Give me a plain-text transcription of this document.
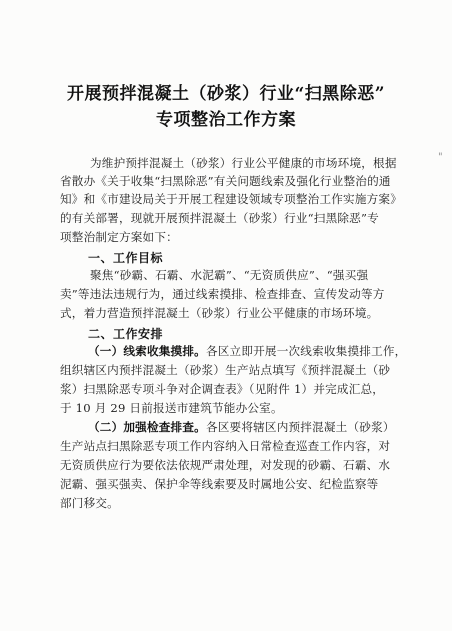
开展预拌混凝土（砂浆）行业“扫黑除恶”
专项整治工作方案
为维护预拌混凝土（砂浆）行业公平健康的市场环境，根据
省散办《关于收集“扫黑除恶”有关问题线索及强化行业整治的通
知》和《市建设局关于开展工程建设领域专项整治工作实施方案》
的有关部署，现就开展预拌混凝土（砂浆）行业“扫黑除恶”专
项整治制定方案如下：
一、工作目标
聚焦“砂霸、石霸、水泥霸”、“无资质供应”、“强买强
卖”等违法违规行为，通过线索摸排、检查排查、宣传发动等方
式，着力营造预拌混凝土（砂浆）行业公平健康的市场环境。
二、工作安排
（一）线索收集摸排。各区立即开展一次线索收集摸排工作，
组织辖区内预拌混凝土（砂浆）生产站点填写《预拌混凝土（砂
浆）扫黑除恶专项斗争对企调查表》（见附件 1）并完成汇总，
于 10 月 29 日前报送市建筑节能办公室。
（二）加强检查排查。各区要将辖区内预拌混凝土（砂浆）
生产站点扫黑除恶专项工作内容纳入日常检查巡查工作内容，对
无资质供应行为要依法依规严肃处理，对发现的砂霸、石霸、水
泥霸、强买强卖、保护伞等线索要及时属地公安、纪检监察等
部门移交。
"
